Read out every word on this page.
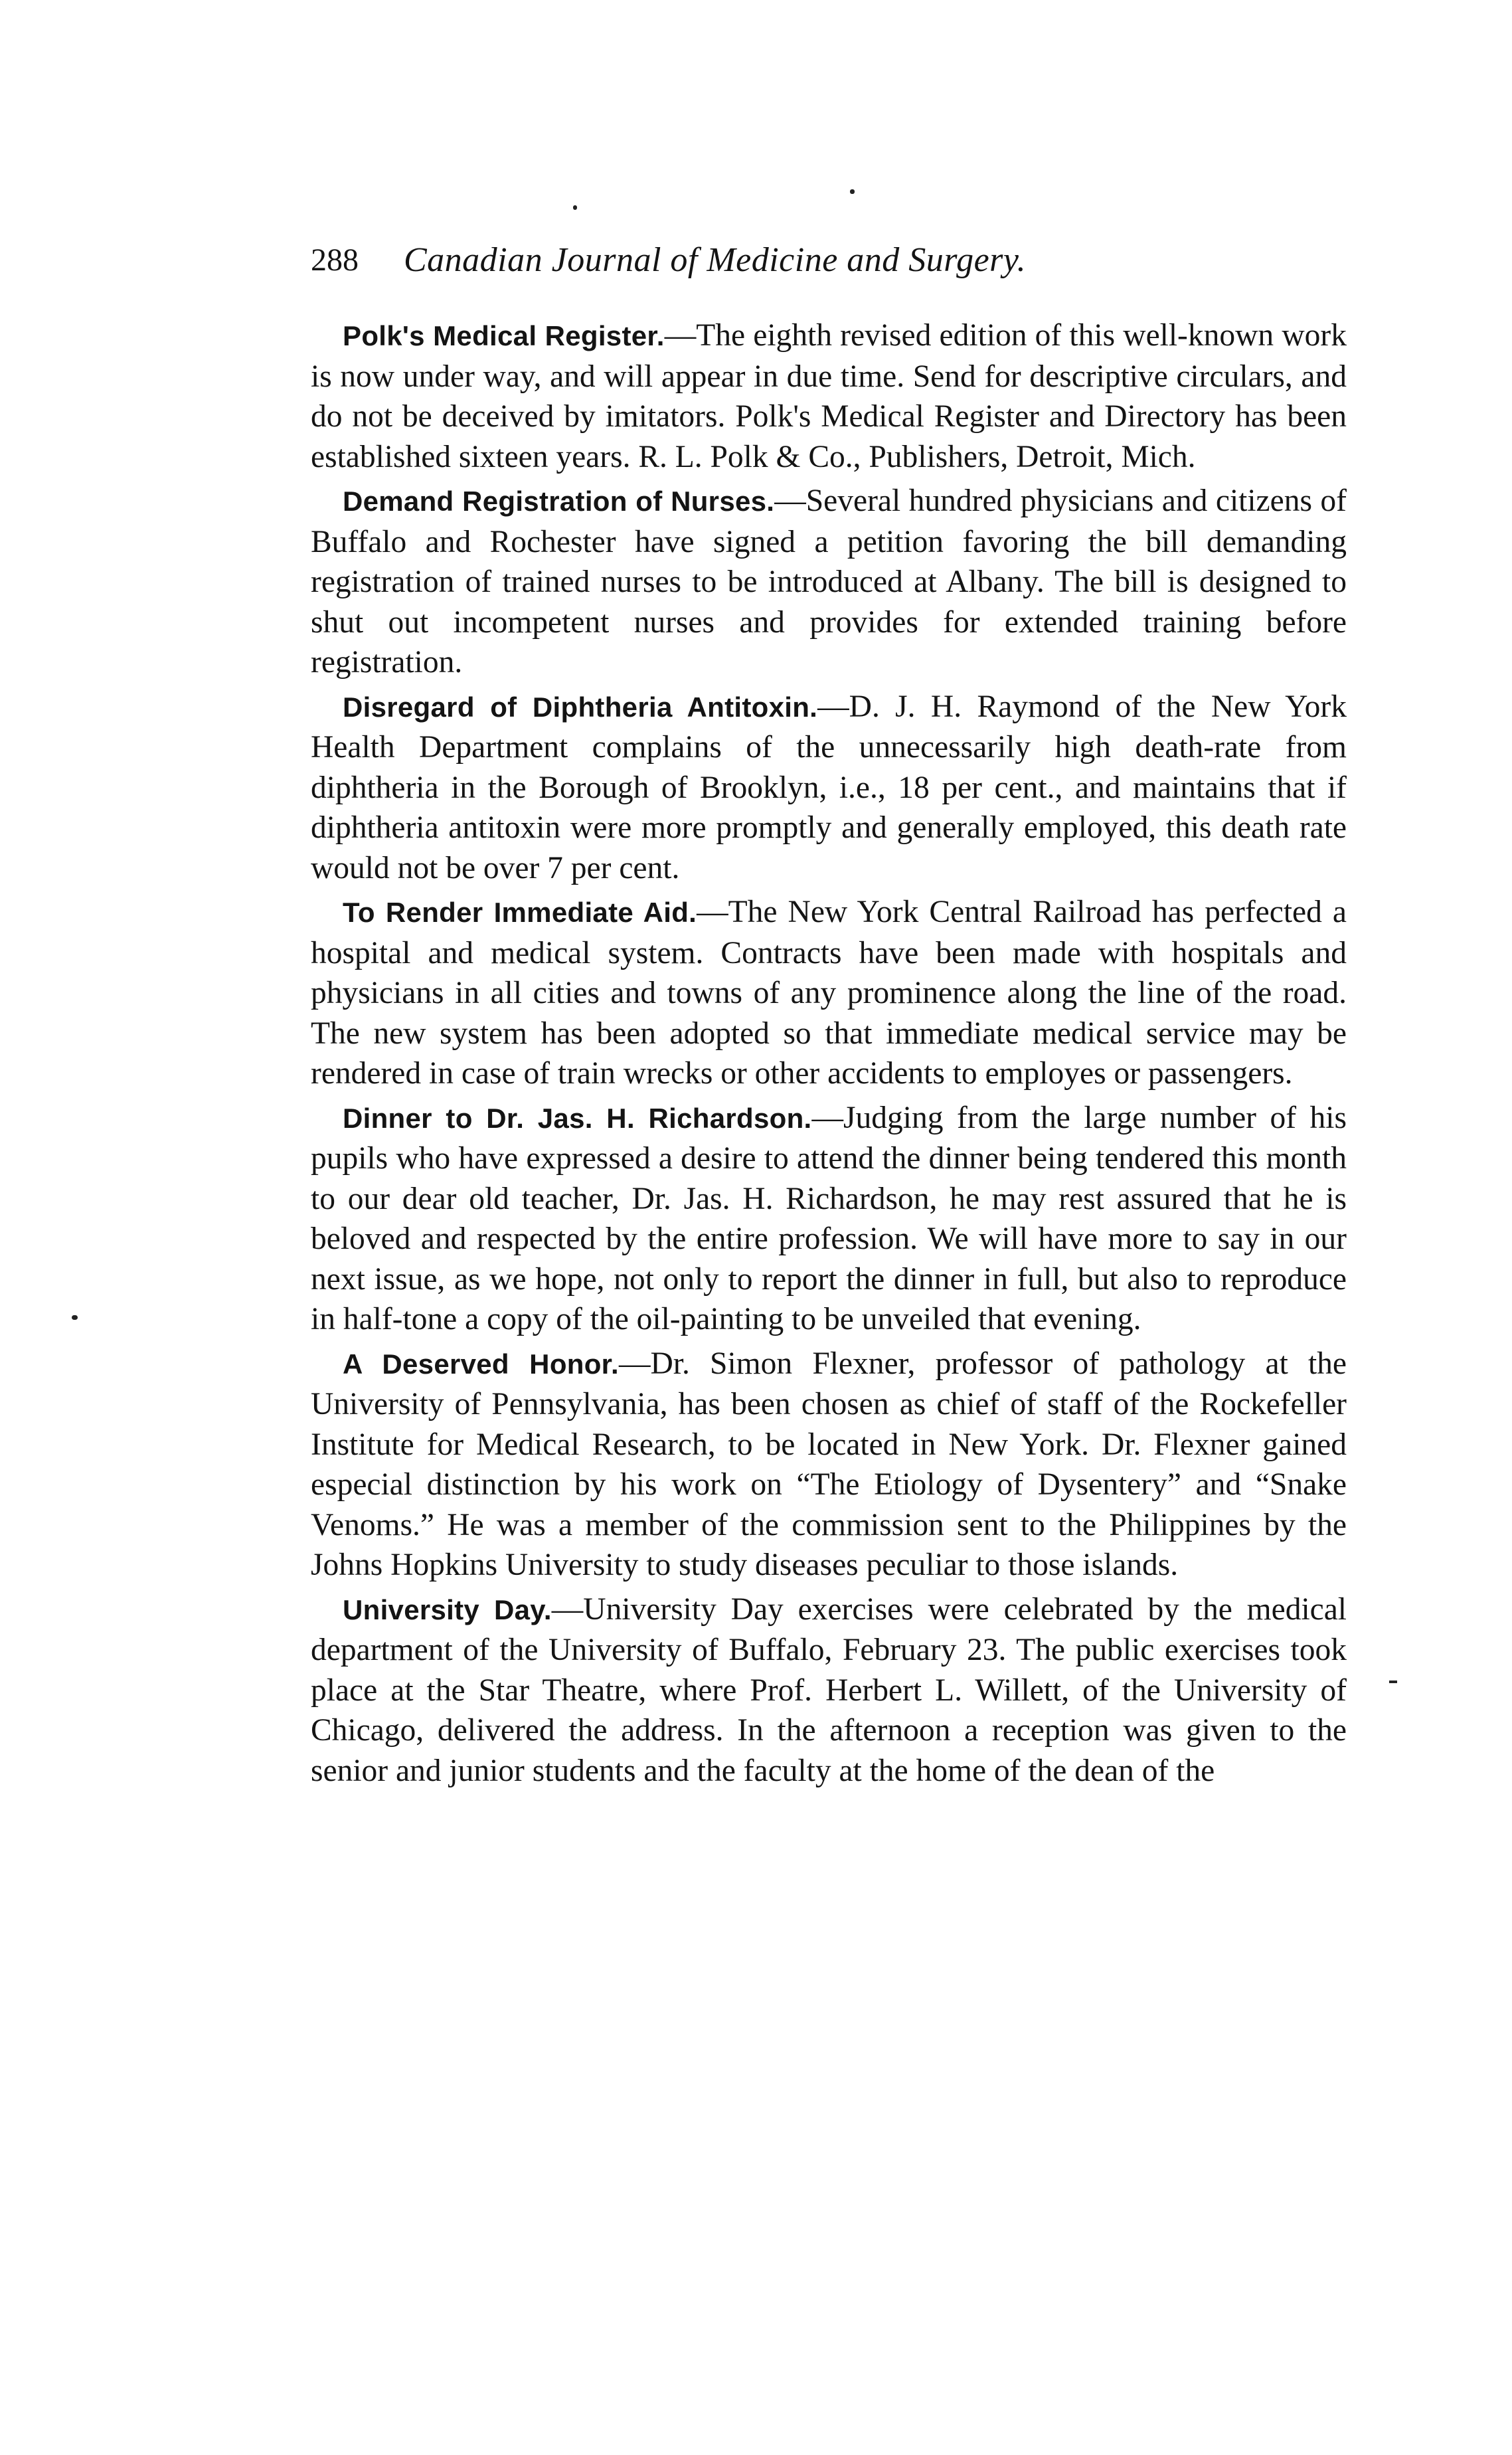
288 Canadian Journal of Medicine and Surgery.

Polk's Medical Register.—The eighth revised edition of this well-known work is now under way, and will appear in due time. Send for descriptive circulars, and do not be deceived by imitators. Polk's Medical Register and Directory has been established sixteen years. R. L. Polk & Co., Publishers, Detroit, Mich.

Demand Registration of Nurses.—Several hundred physicians and citizens of Buffalo and Rochester have signed a petition favoring the bill demanding registration of trained nurses to be introduced at Albany. The bill is designed to shut out incompetent nurses and provides for extended training before registration.

Disregard of Diphtheria Antitoxin.—D. J. H. Raymond of the New York Health Department complains of the unnecessarily high death-rate from diphtheria in the Borough of Brooklyn, i.e., 18 per cent., and maintains that if diphtheria antitoxin were more promptly and generally employed, this death rate would not be over 7 per cent.

To Render Immediate Aid.—The New York Central Railroad has perfected a hospital and medical system. Contracts have been made with hospitals and physicians in all cities and towns of any prominence along the line of the road. The new system has been adopted so that immediate medical service may be rendered in case of train wrecks or other accidents to employes or passengers.

Dinner to Dr. Jas. H. Richardson.—Judging from the large number of his pupils who have expressed a desire to attend the dinner being tendered this month to our dear old teacher, Dr. Jas. H. Richardson, he may rest assured that he is beloved and respected by the entire profession. We will have more to say in our next issue, as we hope, not only to report the dinner in full, but also to reproduce in half-tone a copy of the oil-painting to be unveiled that evening.

A Deserved Honor.—Dr. Simon Flexner, professor of pathology at the University of Pennsylvania, has been chosen as chief of staff of the Rockefeller Institute for Medical Research, to be located in New York. Dr. Flexner gained especial distinction by his work on “The Etiology of Dysentery” and “Snake Venoms.” He was a member of the commission sent to the Philippines by the Johns Hopkins University to study diseases peculiar to those islands.

University Day.—University Day exercises were celebrated by the medical department of the University of Buffalo, February 23. The public exercises took place at the Star Theatre, where Prof. Herbert L. Willett, of the University of Chicago, delivered the address. In the afternoon a reception was given to the senior and junior students and the faculty at the home of the dean of the
